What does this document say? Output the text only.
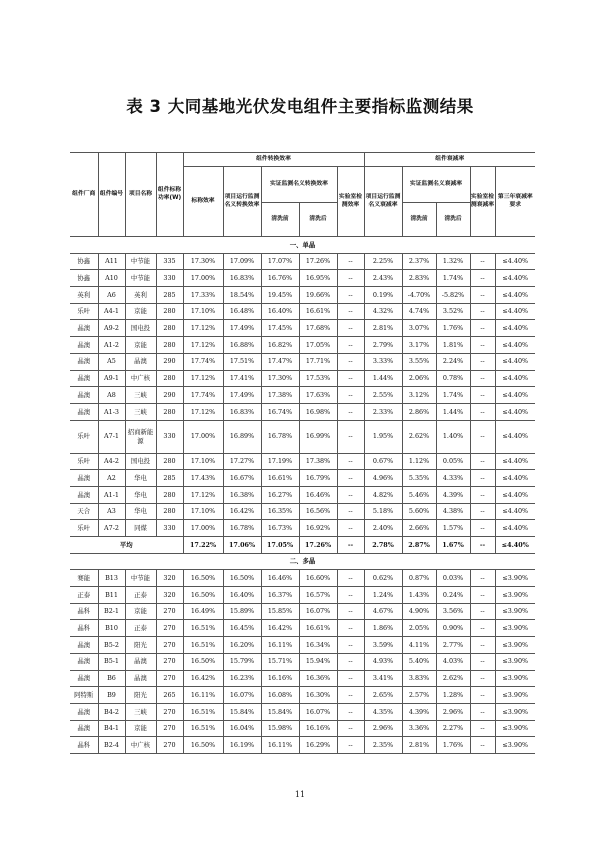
表 3 大同基地光伏发电组件主要指标监测结果
组件厂商	组件编号	项目名称	组件标称功率(W)	组件转换效率					组件衰减率				
				标称效率	项目运行监测名义转换效率	实证监测名义转换效率		实验室检测效率	项目运行监测名义衰减率	实证监测名义衰减率		实验室检测衰减率	第三年衰减率要求
						清洗前	清洗后			清洗前	清洗后		
一、单晶													
协鑫	A11	中节能	335	17.30%	17.09%	17.07%	17.26%	--	2.25%	2.37%	1.32%	--	≤4.40%
协鑫	A10	中节能	330	17.00%	16.83%	16.76%	16.95%	--	2.43%	2.83%	1.74%	--	≤4.40%
英利	A6	英利	285	17.33%	18.54%	19.45%	19.66%	--	0.19%	-4.70%	-5.82%	--	≤4.40%
乐叶	A4-1	京能	280	17.10%	16.48%	16.40%	16.61%	--	4.32%	4.74%	3.52%	--	≤4.40%
晶澳	A9-2	国电投	280	17.12%	17.49%	17.45%	17.68%	--	2.81%	3.07%	1.76%	--	≤4.40%
晶澳	A1-2	京能	280	17.12%	16.88%	16.82%	17.05%	--	2.79%	3.17%	1.81%	--	≤4.40%
晶澳	A5	晶澳	290	17.74%	17.51%	17.47%	17.71%	--	3.33%	3.55%	2.24%	--	≤4.40%
晶澳	A9-1	中广核	280	17.12%	17.41%	17.30%	17.53%	--	1.44%	2.06%	0.78%	--	≤4.40%
晶澳	A8	三峡	290	17.74%	17.49%	17.38%	17.63%	--	2.55%	3.12%	1.74%	--	≤4.40%
晶澳	A1-3	三峡	280	17.12%	16.83%	16.74%	16.98%	--	2.33%	2.86%	1.44%	--	≤4.40%
乐叶	A7-1	招商新能源	330	17.00%	16.89%	16.78%	16.99%	--	1.95%	2.62%	1.40%	--	≤4.40%
乐叶	A4-2	国电投	280	17.10%	17.27%	17.19%	17.38%	--	0.67%	1.12%	0.05%	--	≤4.40%
晶澳	A2	华电	285	17.43%	16.67%	16.61%	16.79%	--	4.96%	5.35%	4.33%	--	≤4.40%
晶澳	A1-1	华电	280	17.12%	16.38%	16.27%	16.46%	--	4.82%	5.46%	4.39%	--	≤4.40%
天合	A3	华电	280	17.10%	16.42%	16.35%	16.56%	--	5.18%	5.60%	4.38%	--	≤4.40%
乐叶	A7-2	同煤	330	17.00%	16.78%	16.73%	16.92%	--	2.40%	2.66%	1.57%	--	≤4.40%
平均				17.22%	17.06%	17.05%	17.26%	--	2.78%	2.87%	1.67%	--	≤4.40%
二、多晶													
赛能	B13	中节能	320	16.50%	16.50%	16.46%	16.60%	--	0.62%	0.87%	0.03%	--	≤3.90%
正泰	B11	正泰	320	16.50%	16.40%	16.37%	16.57%	--	1.24%	1.43%	0.24%	--	≤3.90%
晶科	B2-1	京能	270	16.49%	15.89%	15.85%	16.07%	--	4.67%	4.90%	3.56%	--	≤3.90%
晶科	B10	正泰	270	16.51%	16.45%	16.42%	16.61%	--	1.86%	2.05%	0.90%	--	≤3.90%
晶澳	B5-2	阳光	270	16.51%	16.20%	16.11%	16.34%	--	3.59%	4.11%	2.77%	--	≤3.90%
晶澳	B5-1	晶澳	270	16.50%	15.79%	15.71%	15.94%	--	4.93%	5.40%	4.03%	--	≤3.90%
晶澳	B6	晶澳	270	16.42%	16.23%	16.16%	16.36%	--	3.41%	3.83%	2.62%	--	≤3.90%
阿特斯	B9	阳光	265	16.11%	16.07%	16.08%	16.30%	--	2.65%	2.57%	1.28%	--	≤3.90%
晶澳	B4-2	三峡	270	16.51%	15.84%	15.84%	16.07%	--	4.35%	4.39%	2.96%	--	≤3.90%
晶澳	B4-1	京能	270	16.51%	16.04%	15.98%	16.16%	--	2.96%	3.36%	2.27%	--	≤3.90%
晶科	B2-4	中广核	270	16.50%	16.19%	16.11%	16.29%	--	2.35%	2.81%	1.76%	--	≤3.90%
11
